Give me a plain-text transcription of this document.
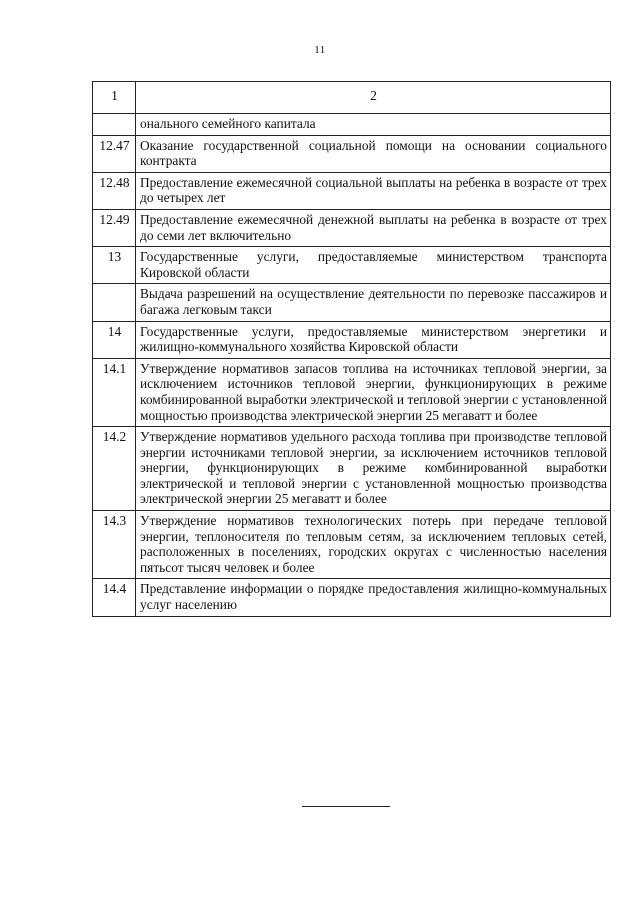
11
1	2
	онального семейного капитала
12.47	Оказание государственной социальной помощи на основании социального контракта
12.48	Предоставление ежемесячной социальной выплаты на ребенка в возрасте от трех до четырех лет
12.49	Предоставление ежемесячной денежной выплаты на ребенка в возрасте от трех до семи лет включительно
13	Государственные услуги, предоставляемые министерством транспорта Кировской области
	Выдача разрешений на осуществление деятельности по перевозке пассажиров и багажа легковым такси
14	Государственные услуги, предоставляемые министерством энергетики и жилищно-коммунального хозяйства Кировской области
14.1	Утверждение нормативов запасов топлива на источниках тепловой энергии, за исключением источников тепловой энергии, функционирующих в режиме комбинированной выработки электрической и тепловой энергии с установленной мощностью производства электрической энергии 25 мегаватт и более
14.2	Утверждение нормативов удельного расхода топлива при производстве тепловой энергии источниками тепловой энергии, за исключением источников тепловой энергии, функционирующих в режиме комбинированной выработки электрической и тепловой энергии с установленной мощностью производства электрической энергии 25 мегаватт и более
14.3	Утверждение нормативов технологических потерь при передаче тепловой энергии, теплоносителя по тепловым сетям, за исключением тепловых сетей, расположенных в поселениях, городских округах с численностью населения пятьсот тысяч человек и более
14.4	Представление информации о порядке предоставления жилищно-коммунальных услуг населению
